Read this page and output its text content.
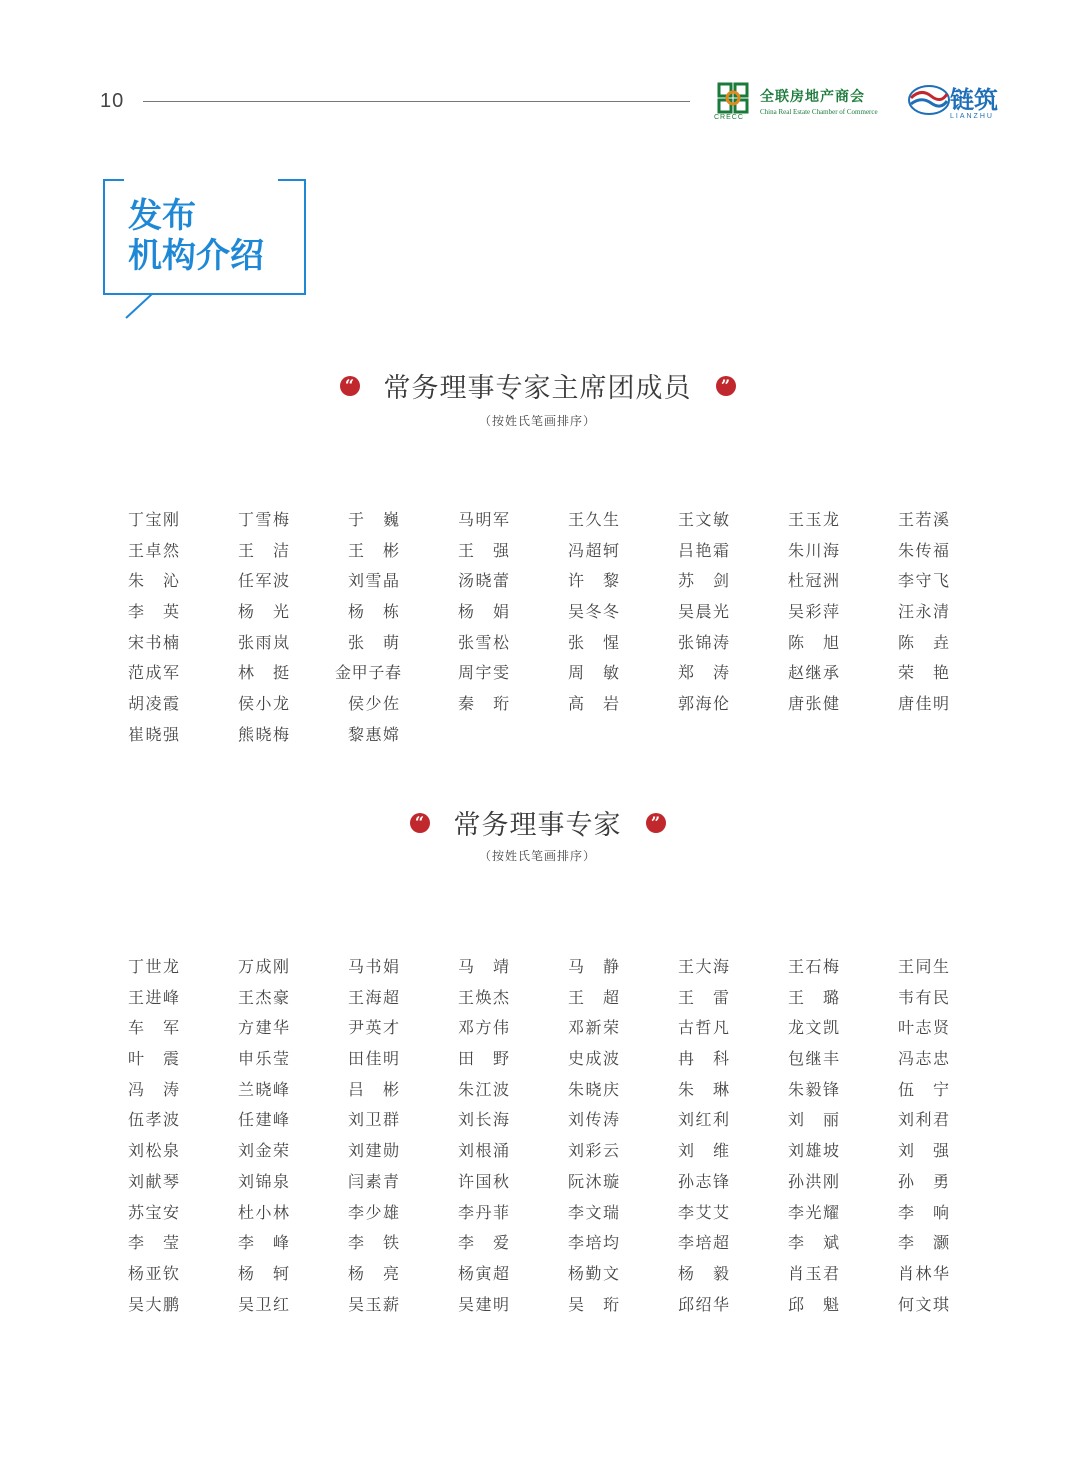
10
CRECC
全联房地产商会
China Real Estate Chamber of Commerce	链筑
LIANZHU
发布
机构介绍
“ 常务理事专家主席团成员	”
（按姓氏笔画排序）
丁宝刚	丁雪梅	于巍	马明军	王久生	王文敏	王玉龙	王若溪
王卓然	王洁	王彬	王强	冯超轲	吕艳霜	朱川海	朱传福
朱沁	任军波	刘雪晶	汤晓蕾	许黎	苏剑	杜冠洲	李守飞
李英	杨光	杨栋	杨娟	吴冬冬	吴晨光	吴彩萍	汪永清
宋书楠	张雨岚	张萌	张雪松	张惺	张锦涛	陈旭	陈垚
范成军	林挺	金甲子春	周宇雯	周敏	郑涛	赵继承	荣艳
胡凌霞	侯小龙	侯少佐	秦珩	高岩	郭海伦	唐张健	唐佳明
崔晓强	熊晓梅	黎惠嫦
“ 常务理事专家	”
（按姓氏笔画排序）
丁世龙	万成刚	马书娟	马靖	马静	王大海	王石梅	王同生
王进峰	王杰豪	王海超	王焕杰	王超	王雷	王璐	韦有民
车军	方建华	尹英才	邓方伟	邓新荣	古哲凡	龙文凯	叶志贤
叶震	申乐莹	田佳明	田野	史成波	冉科	包继丰	冯志忠
冯涛	兰晓峰	吕彬	朱江波	朱晓庆	朱琳	朱毅锋	伍宁
伍孝波	任建峰	刘卫群	刘长海	刘传涛	刘红利	刘丽	刘利君
刘松泉	刘金荣	刘建勋	刘根涌	刘彩云	刘维	刘雄坡	刘强
刘献琴	刘锦泉	闫素青	许国秋	阮沐璇	孙志锋	孙洪刚	孙勇
苏宝安	杜小林	李少雄	李丹菲	李文瑞	李艾艾	李光耀	李响
李莹	李峰	李铁	李爱	李培均	李培超	李斌	李灏
杨亚钦	杨轲	杨亮	杨寅超	杨勤文	杨毅	肖玉君	肖林华
吴大鹏	吴卫红	吴玉薪	吴建明	吴珩	邱绍华	邱魁	何文琪
